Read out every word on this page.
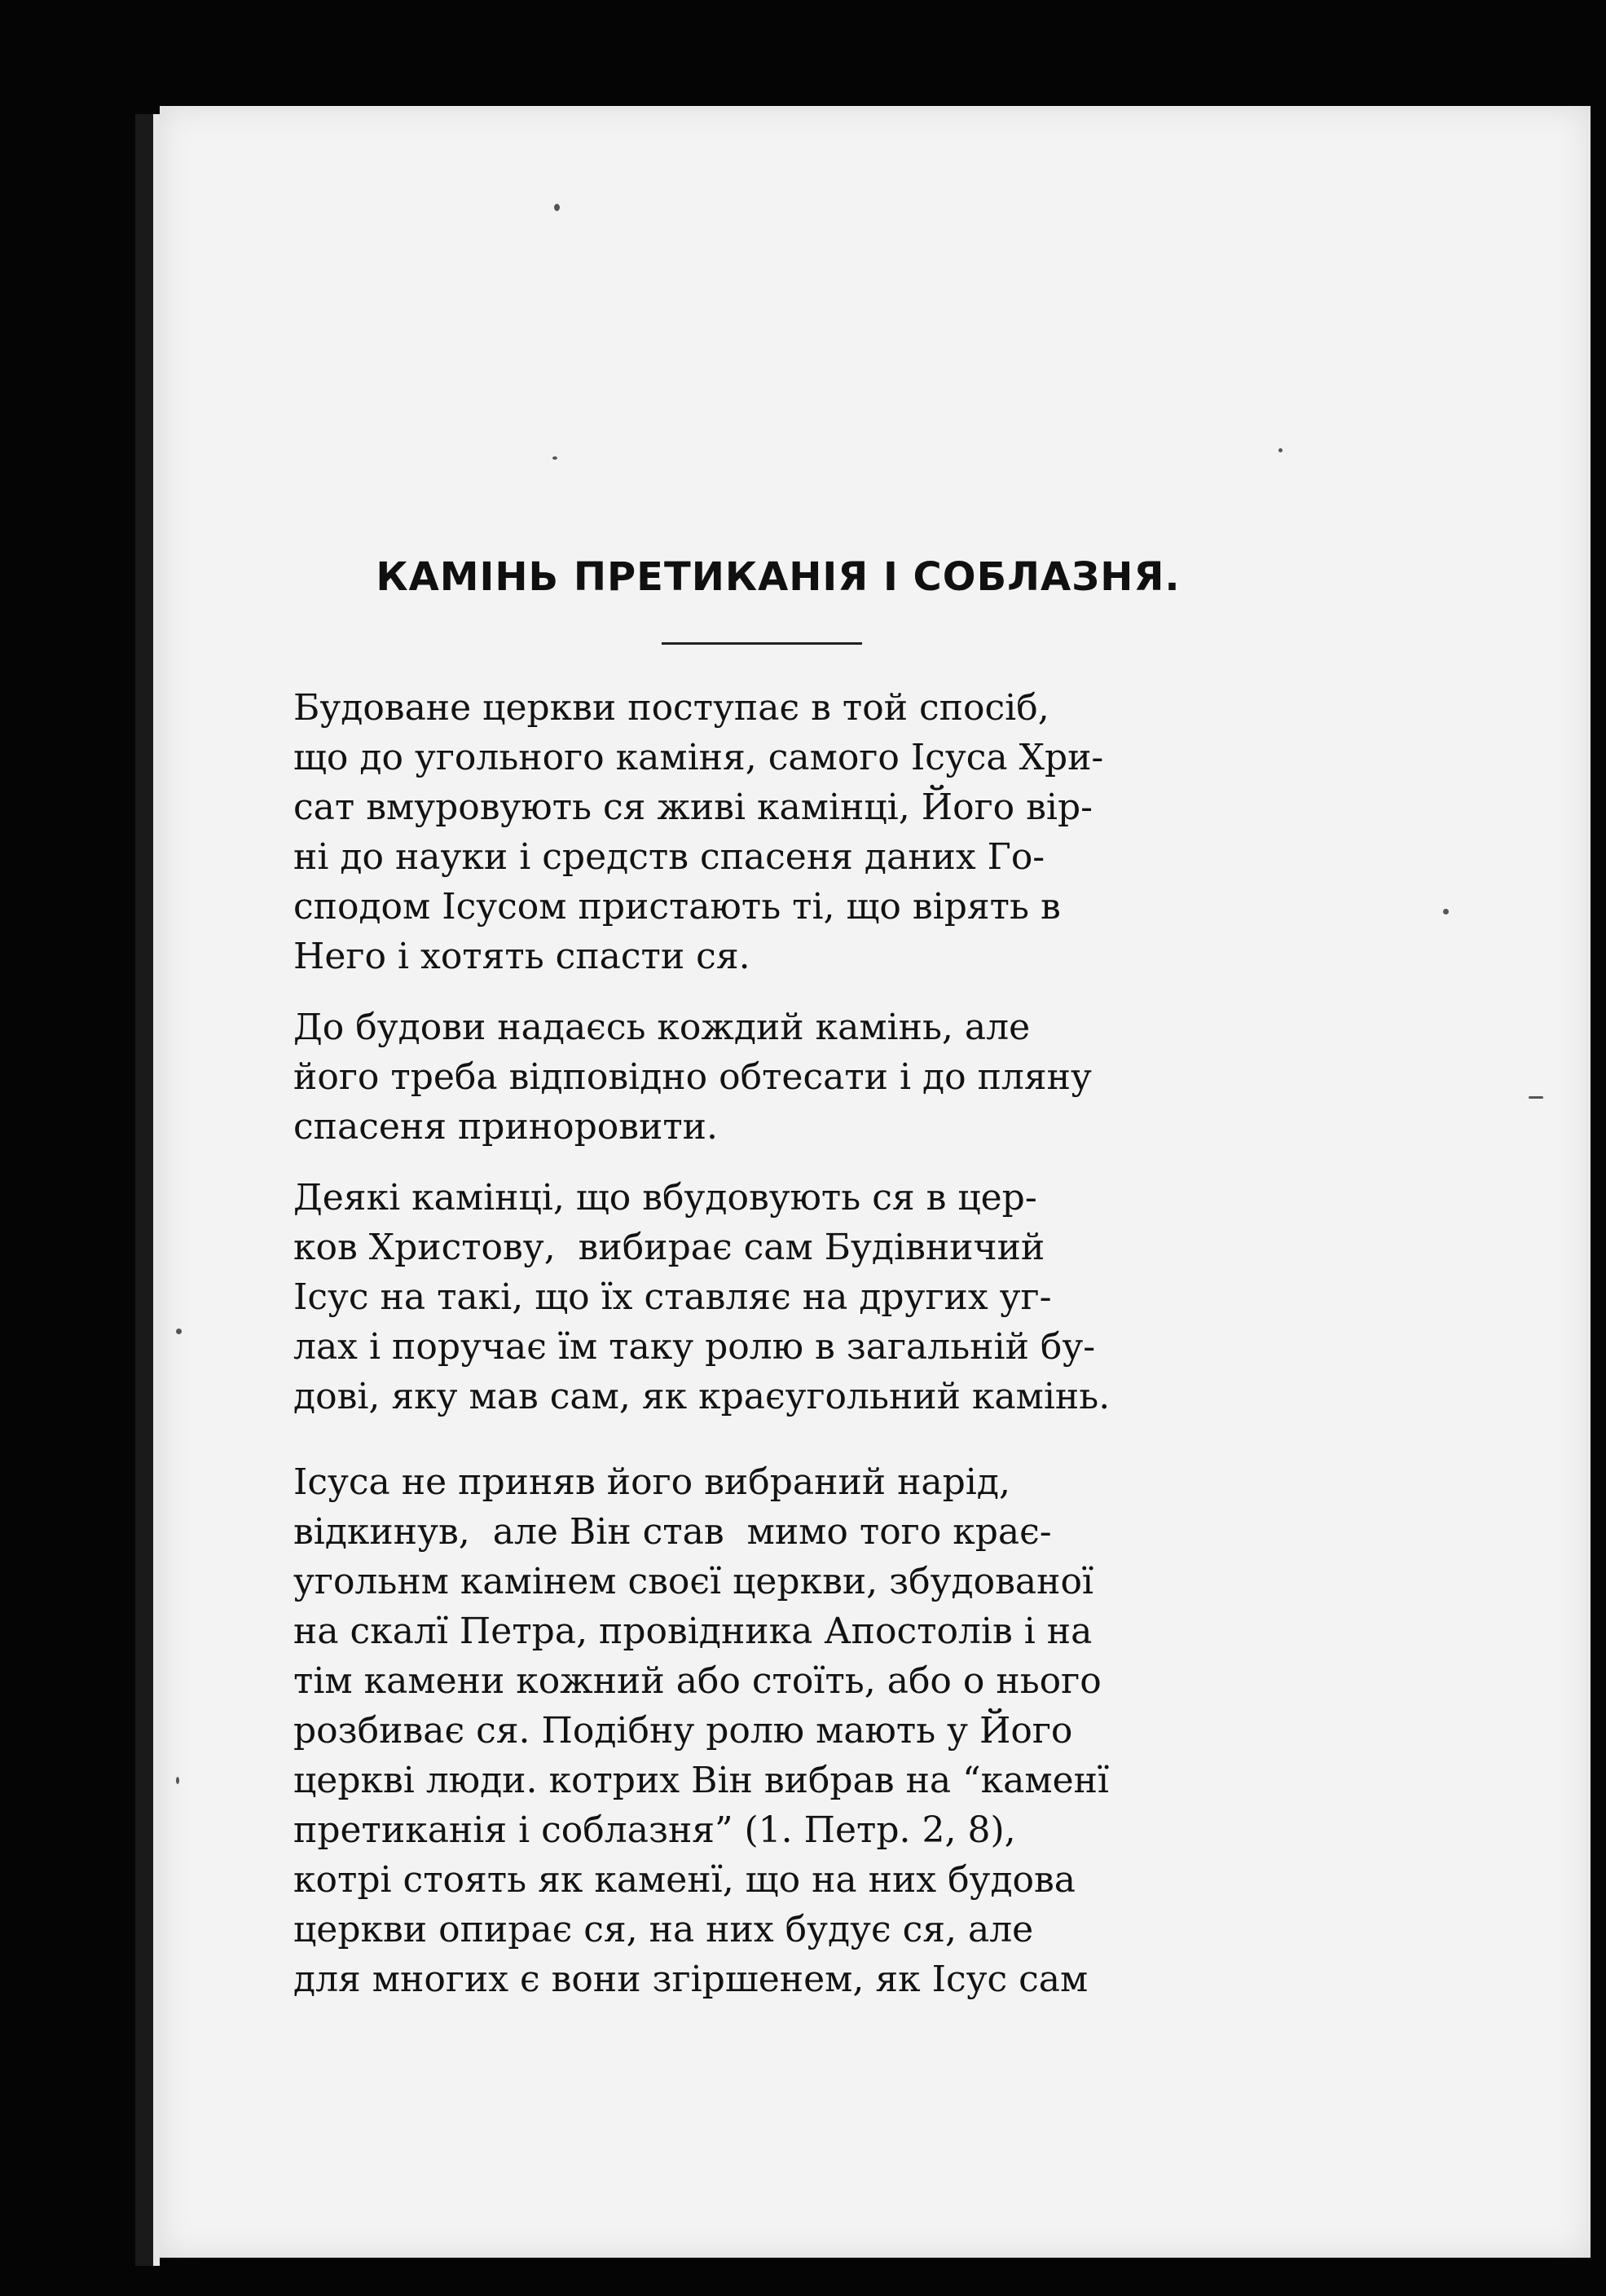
КАМІНЬ ПРЕТИКАНІЯ І СОБЛАЗНЯ.

Будоване церкви поступає в той спосіб,
що до угольного каміня, самого Ісуса Хри-
сат вмуровують ся живі камінці, Його вір-
ні до науки і средств спасеня даних Го-
сподом Ісусом пристають ті, що вірять в
Него і хотять спасти ся.

До будови надаєсь кождий камінь, але
його треба відповідно обтесати і до пляну
спасеня приноровити.

Деякі камінці, що вбудовують ся в цер-
ков Христову,  вибирає сам Будівничий
Ісус на такі, що їх ставляє на других уг-
лах і поручає їм таку ролю в загальній бу-
дові, яку мав сам, як краєугольний камінь.

Ісуса не приняв його вибраний нарід,
відкинув,  але Він став  мимо того крає-
угольнм камінем своєї церкви, збудованої
на скалї Петра, провідника Апостолів і на
тім камени кожний або стоїть, або о нього
розбиває ся. Подібну ролю мають у Його
церкві люди. котрих Він вибрав на “каменї
претиканія і соблазня” (1. Петр. 2, 8),
котрі стоять як каменї, що на них будова
церкви опирає ся, на них будує ся, але
для многих є вони згіршенем, як Ісус сам
